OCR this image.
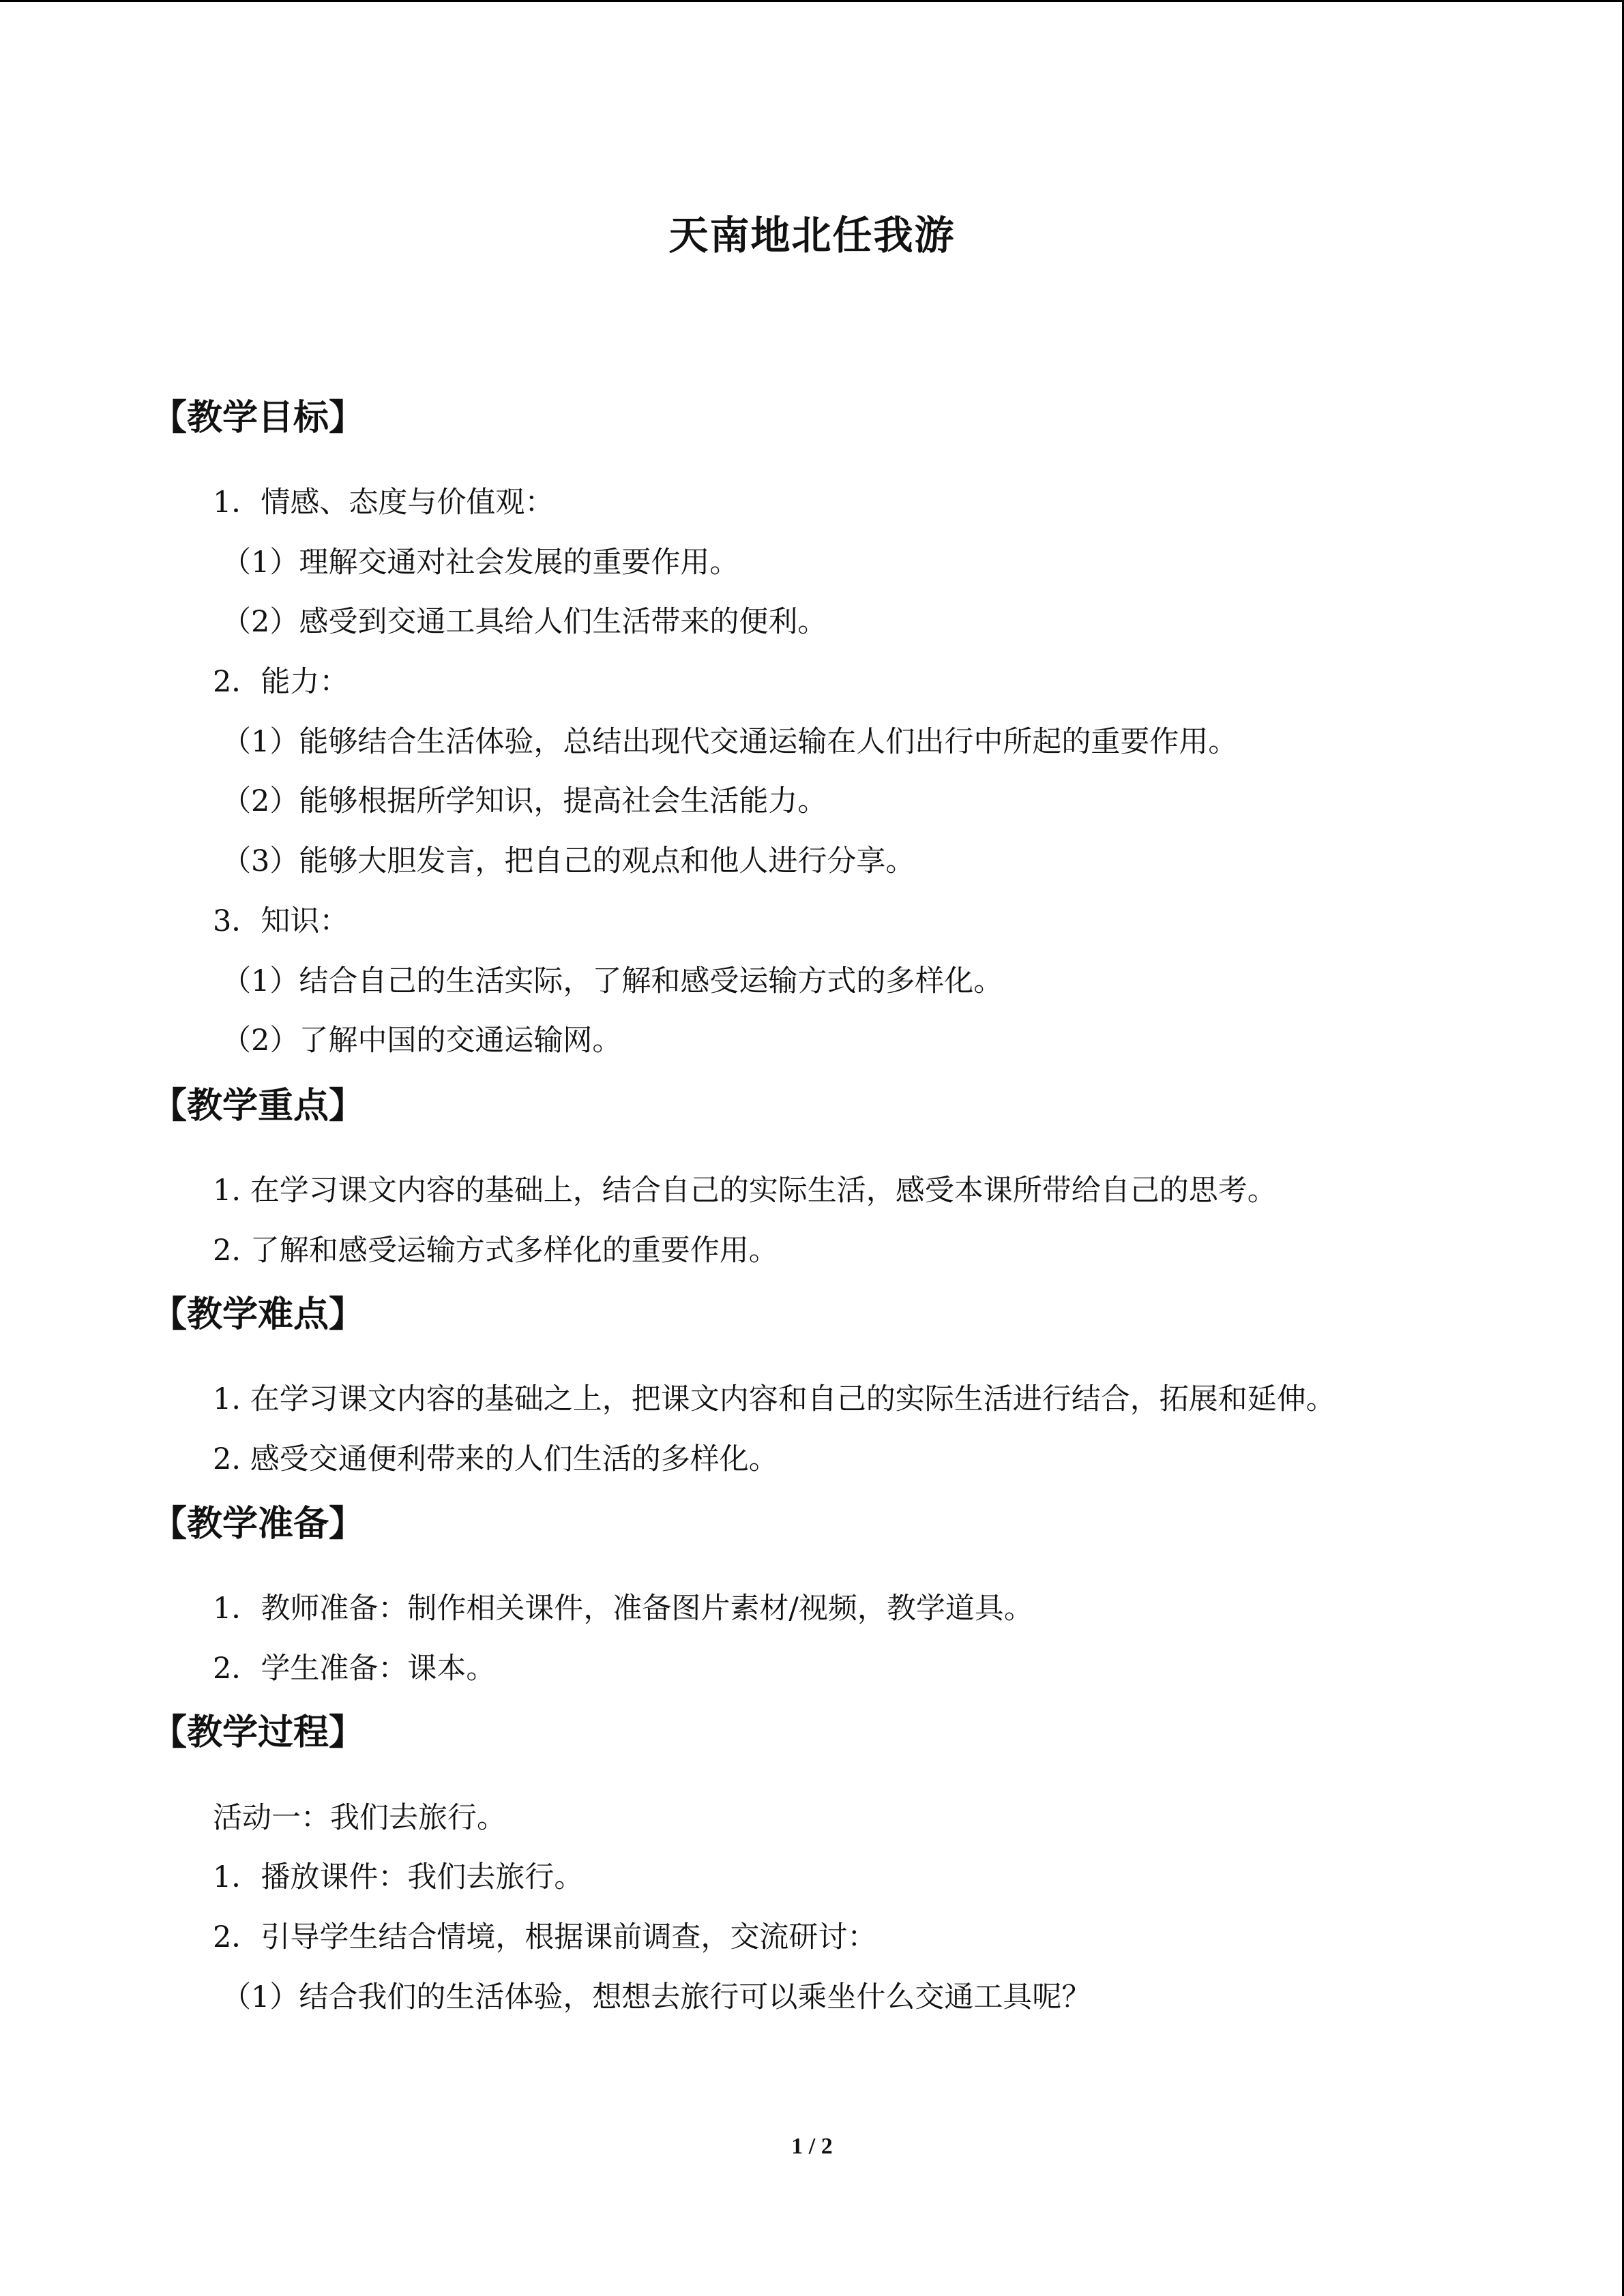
天南地北任我游
【教学目标】
1．情感、态度与价值观：
（1）理解交通对社会发展的重要作用。
（2）感受到交通工具给人们生活带来的便利。
2．能力：
（1）能够结合生活体验，总结出现代交通运输在人们出行中所起的重要作用。
（2）能够根据所学知识，提高社会生活能力。
（3）能够大胆发言，把自己的观点和他人进行分享。
3．知识：
（1）结合自己的生活实际，了解和感受运输方式的多样化。
（2）了解中国的交通运输网。
【教学重点】
1. 在学习课文内容的基础上，结合自己的实际生活，感受本课所带给自己的思考。
2. 了解和感受运输方式多样化的重要作用。
【教学难点】
1. 在学习课文内容的基础之上，把课文内容和自己的实际生活进行结合，拓展和延伸。
2. 感受交通便利带来的人们生活的多样化。
【教学准备】
1．教师准备：制作相关课件，准备图片素材/视频，教学道具。
2．学生准备：课本。
【教学过程】
活动一：我们去旅行。
1．播放课件：我们去旅行。
2．引导学生结合情境，根据课前调查，交流研讨：
（1）结合我们的生活体验，想想去旅行可以乘坐什么交通工具呢？
1 / 2
